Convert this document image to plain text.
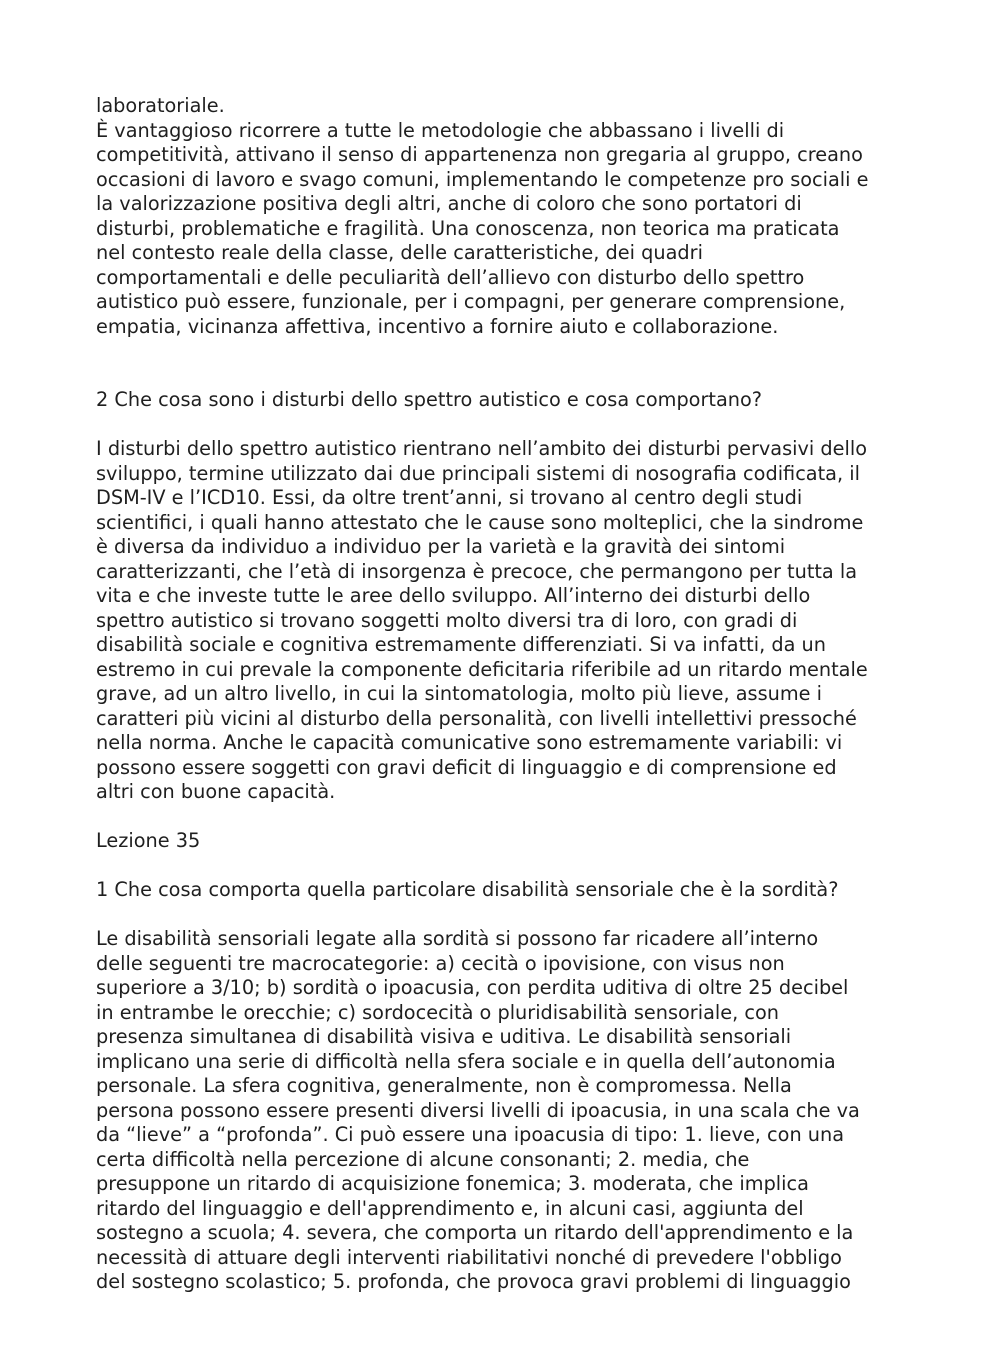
laboratoriale.
È vantaggioso ricorrere a tutte le metodologie che abbassano i livelli di
competitività, attivano il senso di appartenenza non gregaria al gruppo, creano
occasioni di lavoro e svago comuni, implementando le competenze pro sociali e
la valorizzazione positiva degli altri, anche di coloro che sono portatori di
disturbi, problematiche e fragilità. Una conoscenza, non teorica ma praticata
nel contesto reale della classe, delle caratteristiche, dei quadri
comportamentali e delle peculiarità dell’allievo con disturbo dello spettro
autistico può essere, funzionale, per i compagni, per generare comprensione,
empatia, vicinanza affettiva, incentivo a fornire aiuto e collaborazione.
2 Che cosa sono i disturbi dello spettro autistico e cosa comportano?
I disturbi dello spettro autistico rientrano nell’ambito dei disturbi pervasivi dello
sviluppo, termine utilizzato dai due principali sistemi di nosografia codificata, il
DSM-IV e l’ICD10. Essi, da oltre trent’anni, si trovano al centro degli studi
scientifici, i quali hanno attestato che le cause sono molteplici, che la sindrome
è diversa da individuo a individuo per la varietà e la gravità dei sintomi
caratterizzanti, che l’età di insorgenza è precoce, che permangono per tutta la
vita e che investe tutte le aree dello sviluppo. All’interno dei disturbi dello
spettro autistico si trovano soggetti molto diversi tra di loro, con gradi di
disabilità sociale e cognitiva estremamente differenziati. Si va infatti, da un
estremo in cui prevale la componente deficitaria riferibile ad un ritardo mentale
grave, ad un altro livello, in cui la sintomatologia, molto più lieve, assume i
caratteri più vicini al disturbo della personalità, con livelli intellettivi pressoché
nella norma. Anche le capacità comunicative sono estremamente variabili: vi
possono essere soggetti con gravi deficit di linguaggio e di comprensione ed
altri con buone capacità.
Lezione 35
1 Che cosa comporta quella particolare disabilità sensoriale che è la sordità?
Le disabilità sensoriali legate alla sordità si possono far ricadere all’interno
delle seguenti tre macrocategorie: a) cecità o ipovisione, con visus non
superiore a 3/10; b) sordità o ipoacusia, con perdita uditiva di oltre 25 decibel
in entrambe le orecchie; c) sordocecità o pluridisabilità sensoriale, con
presenza simultanea di disabilità visiva e uditiva. Le disabilità sensoriali
implicano una serie di difficoltà nella sfera sociale e in quella dell’autonomia
personale. La sfera cognitiva, generalmente, non è compromessa. Nella
persona possono essere presenti diversi livelli di ipoacusia, in una scala che va
da “lieve” a “profonda”. Ci può essere una ipoacusia di tipo: 1. lieve, con una
certa difficoltà nella percezione di alcune consonanti; 2. media, che
presuppone un ritardo di acquisizione fonemica; 3. moderata, che implica
ritardo del linguaggio e dell'apprendimento e, in alcuni casi, aggiunta del
sostegno a scuola; 4. severa, che comporta un ritardo dell'apprendimento e la
necessità di attuare degli interventi riabilitativi nonché di prevedere l'obbligo
del sostegno scolastico; 5. profonda, che provoca gravi problemi di linguaggio
